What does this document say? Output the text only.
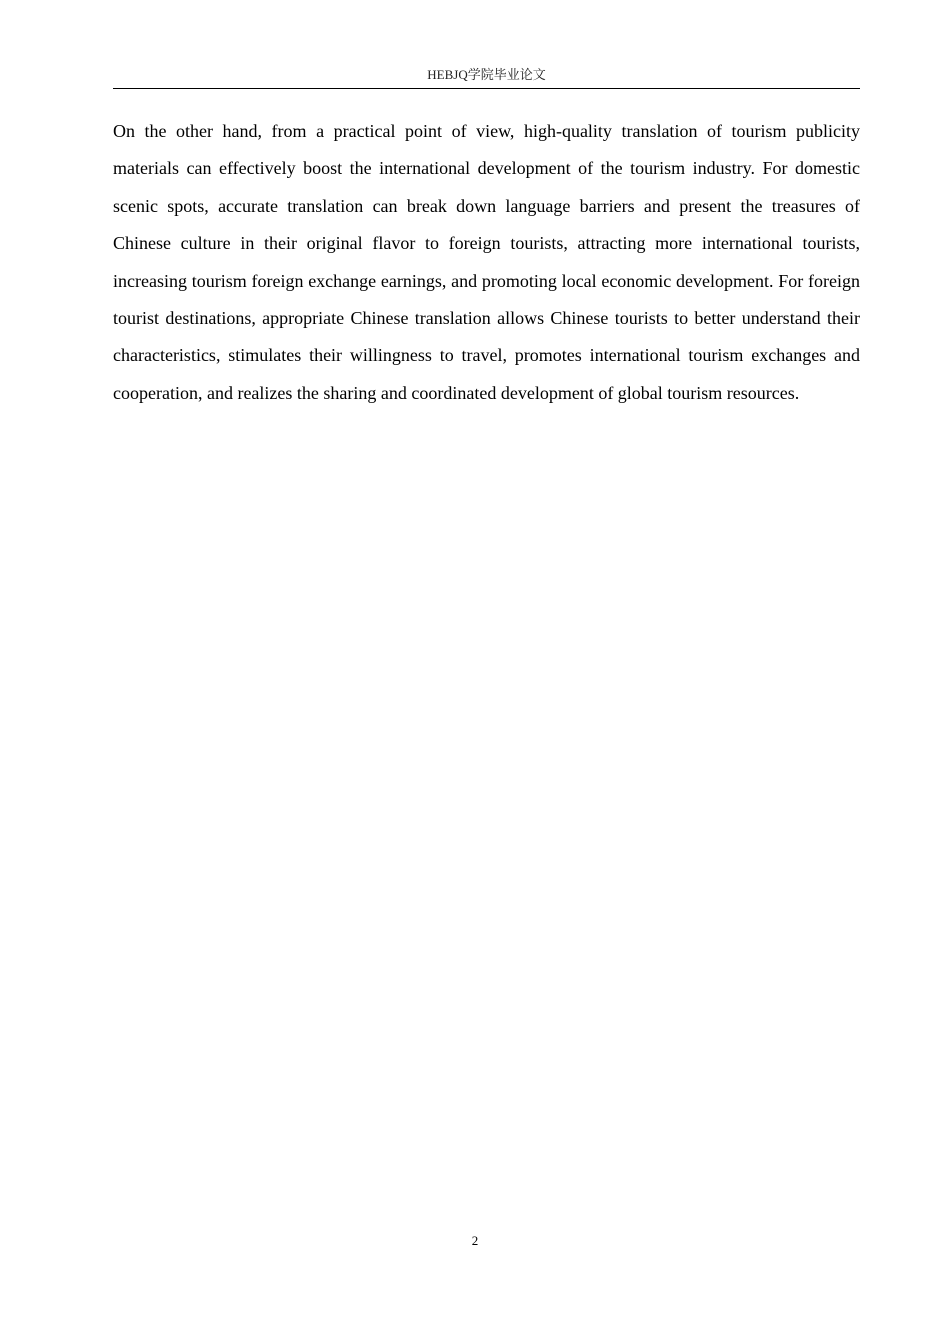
HEBJQ学院毕业论文

On the other hand, from a practical point of view, high-quality translation of tourism publicity materials can effectively boost the international development of the tourism industry. For domestic scenic spots, accurate translation can break down language barriers and present the treasures of Chinese culture in their original flavor to foreign tourists, attracting more international tourists, increasing tourism foreign exchange earnings, and promoting local economic development. For foreign tourist destinations, appropriate Chinese translation allows Chinese tourists to better understand their characteristics, stimulates their willingness to travel, promotes international tourism exchanges and cooperation, and realizes the sharing and coordinated development of global tourism resources.

2
